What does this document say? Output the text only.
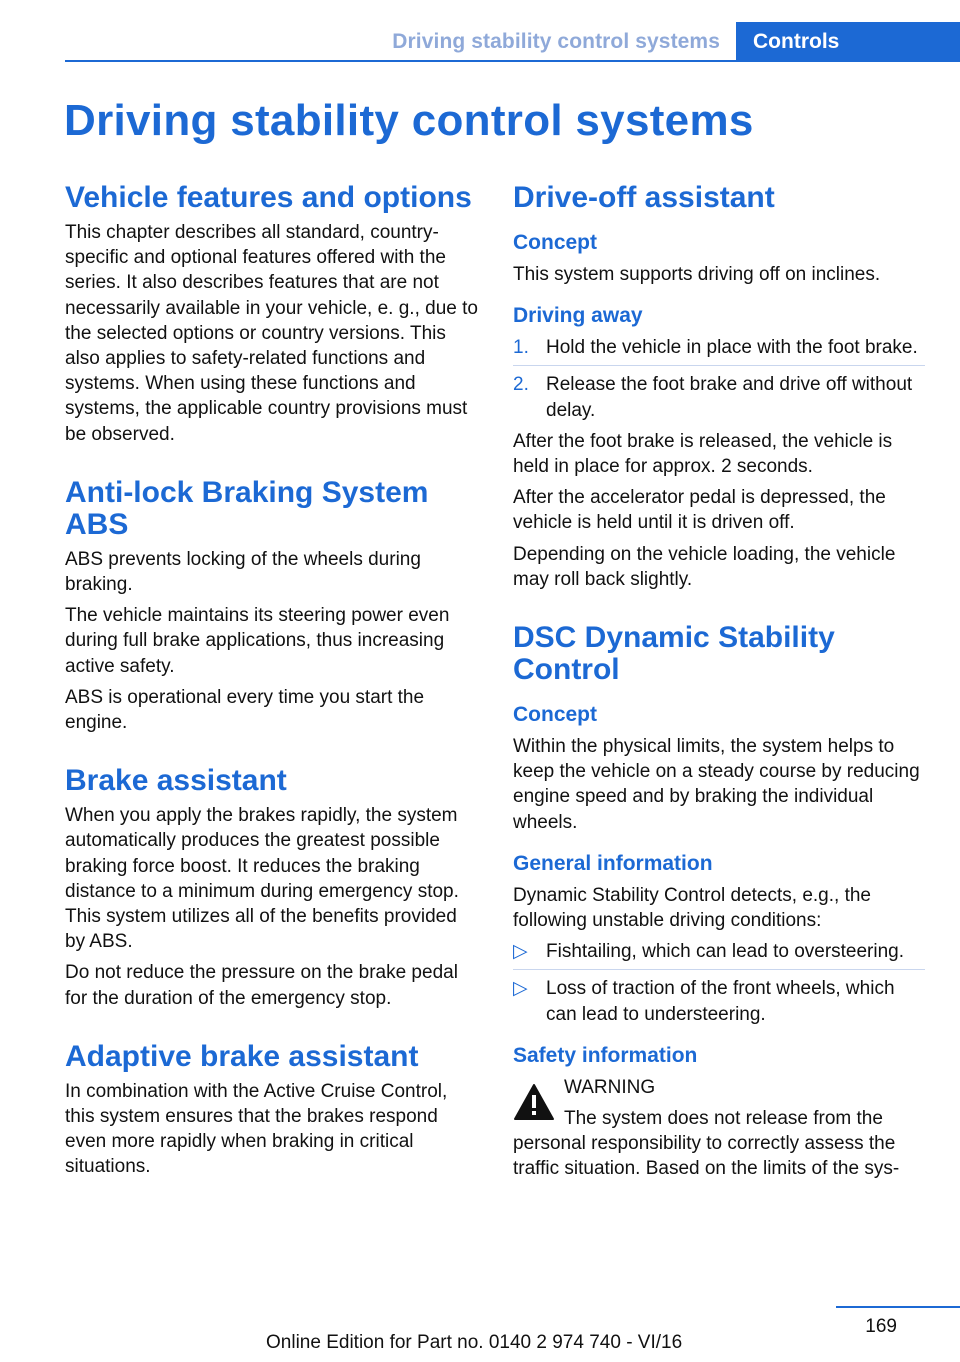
Driving stability control systems	Controls
Driving stability control systems
Vehicle features and options

This chapter describes all standard, country-specific and optional features offered with the series. It also describes features that are not necessarily available in your vehicle, e. g., due to the selected options or country versions. This also applies to safety-related functions and systems. When using these functions and systems, the applicable country provisions must be observed.

Anti-lock Braking System ABS

ABS prevents locking of the wheels during braking.

The vehicle maintains its steering power even during full brake applications, thus increasing active safety.

ABS is operational every time you start the engine.

Brake assistant

When you apply the brakes rapidly, the system automatically produces the greatest possible braking force boost. It reduces the braking distance to a minimum during emergency stop. This system utilizes all of the benefits provided by ABS.

Do not reduce the pressure on the brake pedal for the duration of the emergency stop.

Adaptive brake assistant

In combination with the Active Cruise Control, this system ensures that the brakes respond even more rapidly when braking in critical situations.

Drive-off assistant
Concept

This system supports driving off on inclines.

Driving away
1. Hold the vehicle in place with the foot brake.
2. Release the foot brake and drive off without delay.

After the foot brake is released, the vehicle is held in place for approx. 2 seconds.

After the accelerator pedal is depressed, the vehicle is held until it is driven off.

Depending on the vehicle loading, the vehicle may roll back slightly.

DSC Dynamic Stability Control
Concept

Within the physical limits, the system helps to keep the vehicle on a steady course by reducing engine speed and by braking the individual wheels.

General information

Dynamic Stability Control detects, e.g., the following unstable driving conditions:

▷ Fishtailing, which can lead to oversteering.
▷ Loss of traction of the front wheels, which can lead to understeering.
Safety information

WARNING

The system does not release from the personal responsibility to correctly assess the traffic situation. Based on the limits of the sys-

169
Online Edition for Part no. 0140 2 974 740 - VI/16
